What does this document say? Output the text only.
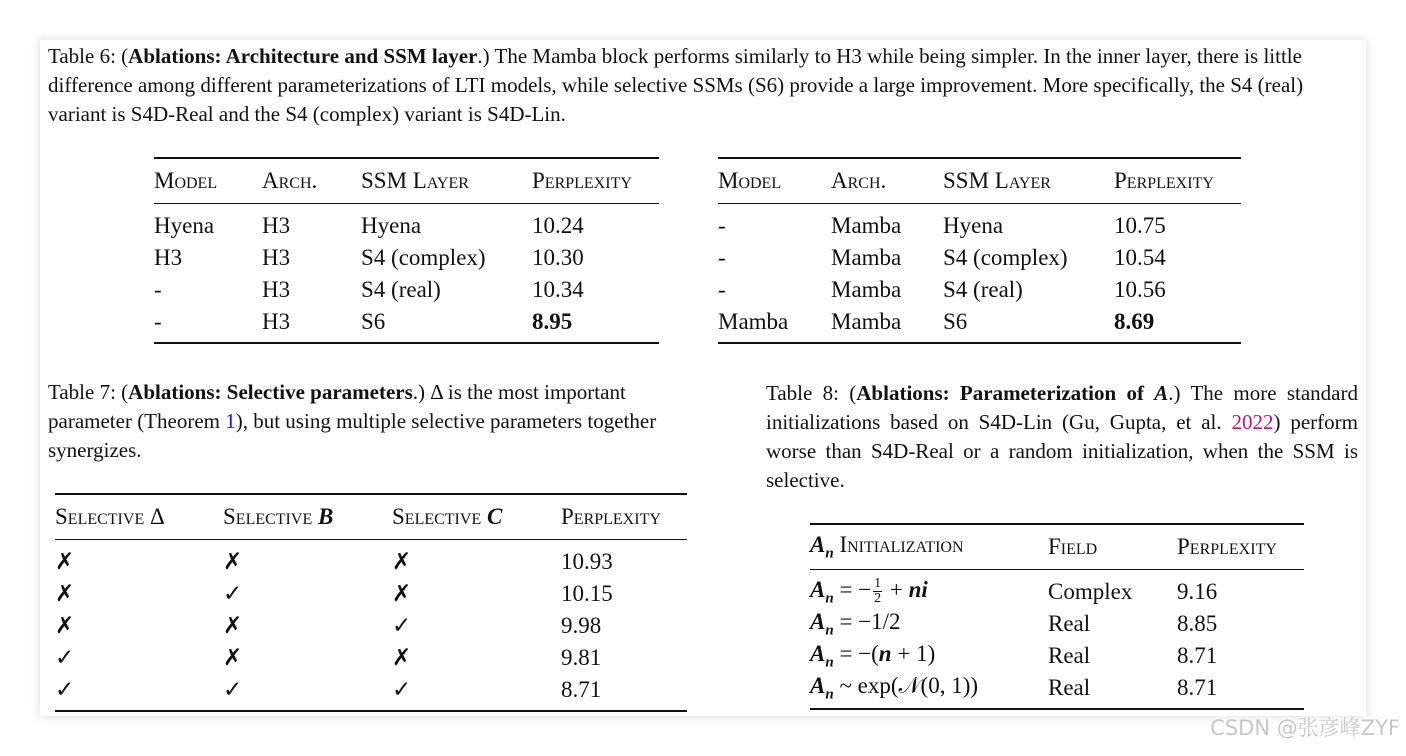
Table 6: (Ablations: Architecture and SSM layer.) The Mamba block performs similarly to H3 while being simpler. In the inner layer, there is little difference among different parameterizations of LTI models, while selective SSMs (S6) provide a large improvement. More specifically, the S4 (real) variant is S4D-Real and the S4 (complex) variant is S4D-Lin.
Model	Arch.	SSM Layer	Perplexity
Hyena	H3	Hyena	10.24
H3	H3	S4 (complex)	10.30
-	H3	S4 (real)	10.34
-	H3	S6	8.95
Model	Arch.	SSM Layer	Perplexity
-	Mamba	Hyena	10.75
-	Mamba	S4 (complex)	10.54
-	Mamba	S4 (real)	10.56
Mamba	Mamba	S6	8.69
Table 7: (Ablations: Selective parameters.) Δ is the most important parameter (Theorem 1), but using multiple selective parameters together synergizes.
Selective Δ	Selective B	Selective C	Perplexity
✗	✗	✗	10.93
✗	✓	✗	10.15
✗	✗	✓	9.98
✓	✗	✗	9.81
✓	✓	✓	8.71
Table 8: (Ablations: Parameterization of A.) The more standard initializations based on S4D-Lin (Gu, Gupta, et al. 2022) perform worse than S4D-Real or a random initialization, when the SSM is selective.
$A_n$ Initialization	Field	Perplexity
$A_n$ = − $\frac{1}{2}$ + ni	Complex	9.16
$A_n = -1/2$	Real	8.85
$A_n = -(n + 1)$	Real	8.71
$A_n$ ~ exp(𝒩(0, 1))	Real	8.71
CSDN @张彦峰ZYF
